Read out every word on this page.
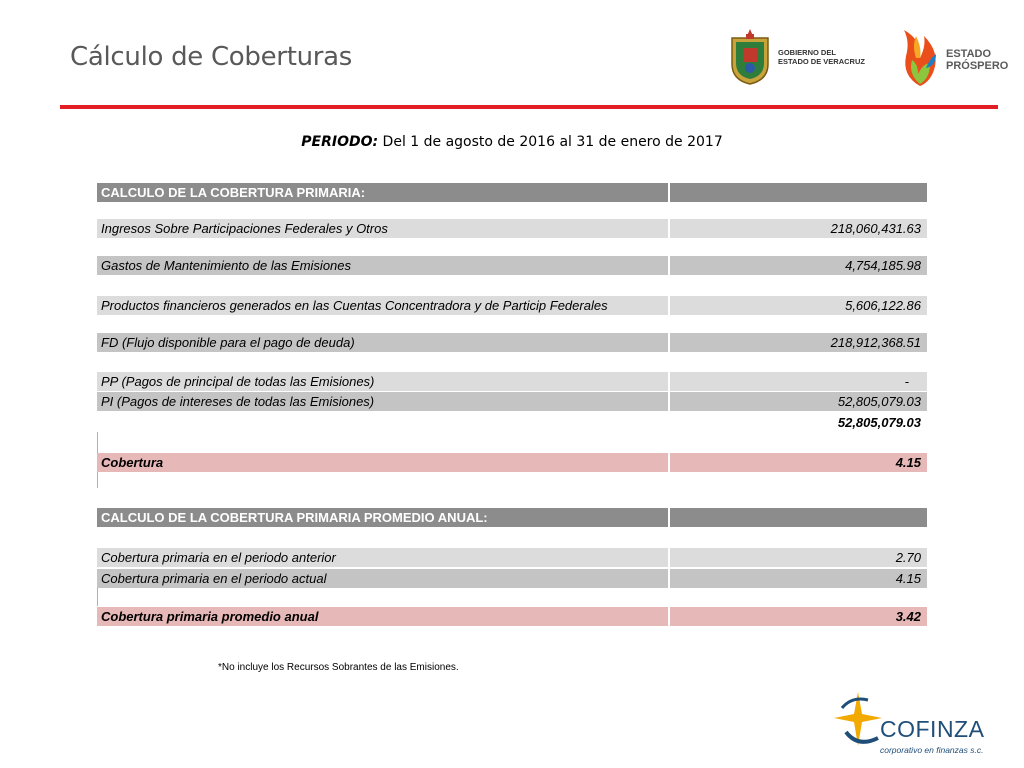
Cálculo de Coberturas	GOBIERNO DEL
ESTADO DE VERACRUZ
ESTADO
PRÓSPERO
PERIODO: Del 1 de agosto de 2016 al 31 de enero de 2017
CALCULO DE LA COBERTURA PRIMARIA:
Ingresos Sobre Participaciones Federales y Otros	218,060,431.63
Gastos de Mantenimiento de las Emisiones	4,754,185.98
Productos financieros generados en las Cuentas Concentradora y de Particip Federales	5,606,122.86
FD (Flujo disponible para el pago de deuda)	218,912,368.51
PP (Pagos de principal de todas las Emisiones)	-
PI (Pagos de intereses de todas las Emisiones)	52,805,079.03
52,805,079.03
Cobertura	4.15
CALCULO DE LA COBERTURA PRIMARIA PROMEDIO ANUAL:
Cobertura primaria en el periodo anterior	2.70
Cobertura primaria en el periodo actual	4.15
Cobertura primaria promedio anual	3.42
*No incluye los Recursos Sobrantes de las Emisiones.
COFINZA
corporativo en finanzas s.c.
